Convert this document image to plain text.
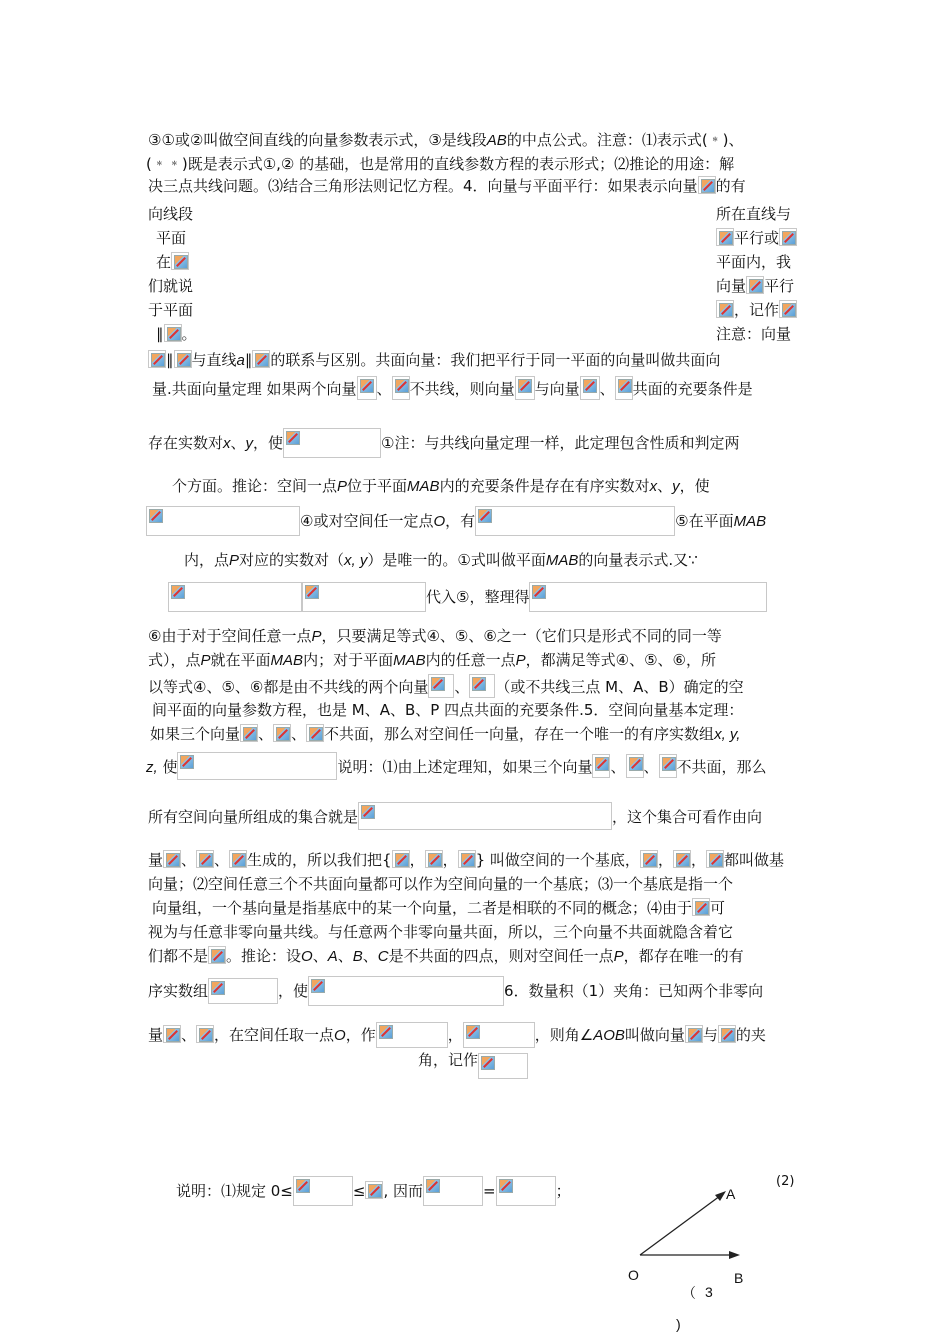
③①或②叫做空间直线的向量参数表示式，③是线段AB的中点公式。注意：⑴表示式(﹡)、
(﹡﹡)既是表示式①,② 的基础，也是常用的直线参数方程的表示形式；⑵推论的用途：解
决三点共线问题。⑶结合三角形法则记忆方程。4．向量与平面平行：如果表示向量 的有
向线段
平面
在
们就说
于平面
∥ 。
所在直线与
平行或
平面内，我
向量 平行
，记作
注意：向量
∥ 与直线a∥ 的联系与区别。共面向量：我们把平行于同一平面的向量叫做共面向
量.共面向量定理 如果两个向量 、 不共线，则向量 与向量 、 共面的充要条件是
存在实数对x、y，使	①注：与共线向量定理一样，此定理包含性质和判定两
个方面。推论：空间一点P位于平面MAB内的充要条件是存在有序实数对x、y，使
④或对空间任一定点O，有	⑤在平面MAB
内，点P对应的实数对（x, y）是唯一的。①式叫做平面MAB的向量表示式.又∵
代入⑤，整理得
⑥由于对于空间任意一点P，只要满足等式④、⑤、⑥之一（它们只是形式不同的同一等
式），点P就在平面MAB内；对于平面MAB内的任意一点P，都满足等式④、⑤、⑥，所
以等式④、⑤、⑥都是由不共线的两个向量 、 （或不共线三点 M、A、B）确定的空
间平面的向量参数方程，也是 M、A、B、P 四点共面的充要条件.5．空间向量基本定理：
如果三个向量 、 、 不共面，那么对空间任一向量，存在一个唯一的有序实数组x, y,
z, 使	说明：⑴由上述定理知，如果三个向量 、 、 不共面，那么
所有空间向量所组成的集合就是	，这个集合可看作由向
量 、 、 生成的，所以我们把{ ， ， } 叫做空间的一个基底， ， ， 都叫做基
向量；⑵空间任意三个不共面向量都可以作为空间向量的一个基底；⑶一个基底是指一个
向量组，一个基向量是指基底中的某一个向量，二者是相联的不同的概念；⑷由于 可
视为与任意非零向量共线。与任意两个非零向量共面，所以，三个向量不共面就隐含着它
们都不是 。推论：设O、A、B、C是不共面的四点，则对空间任一点P，都存在唯一的有
序实数组	，使	6．数量积（1）夹角：已知两个非零向
量 、 ，在空间任取一点O，作	，	，则角∠AOB叫做向量 与 的夹
角，记作
说明：⑴规定 0≤	≤ , 因而	=	；
(2)
A
O	B
（ 3
)
